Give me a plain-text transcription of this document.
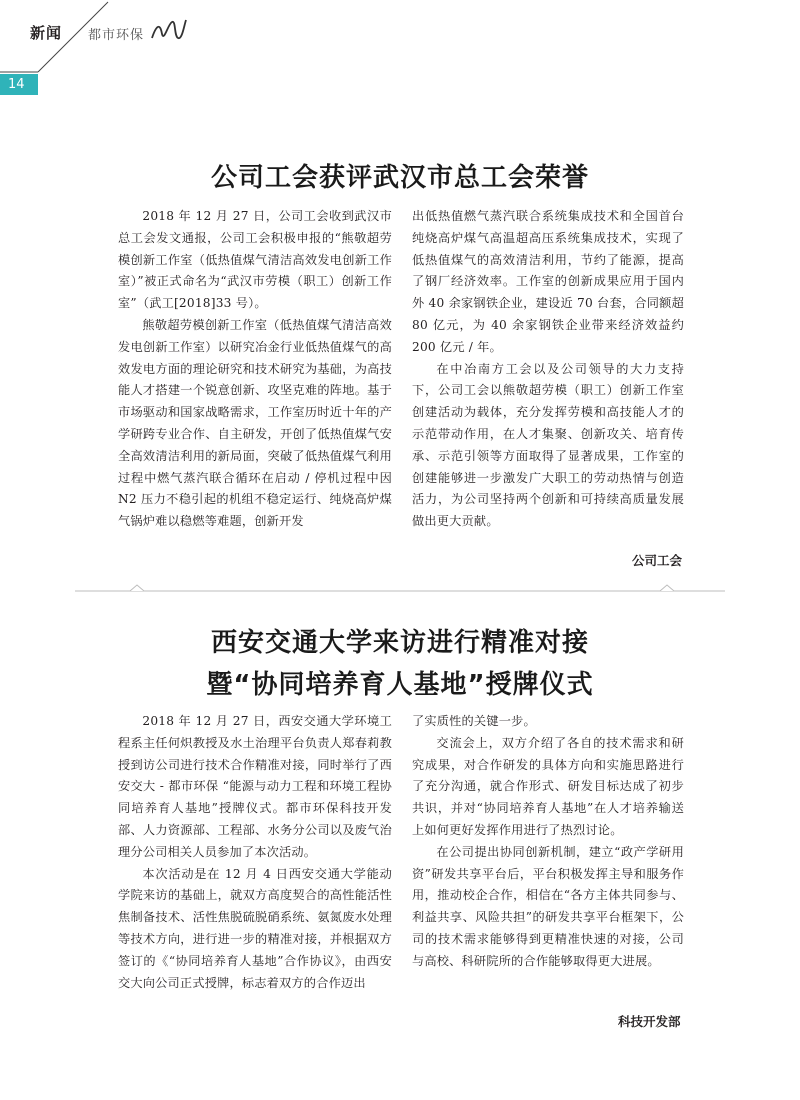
新闻 都市环保
14
公司工会获评武汉市总工会荣誉

2018 年 12 月 27 日，公司工会收到武汉市总工会发文通报，公司工会积极申报的“熊敬超劳模创新工作室（低热值煤气清洁高效发电创新工作室）”被正式命名为“武汉市劳模（职工）创新工作室”（武工[2018]33 号）。

熊敬超劳模创新工作室（低热值煤气清洁高效发电创新工作室）以研究冶金行业低热值煤气的高效发电方面的理论研究和技术研究为基础，为高技能人才搭建一个锐意创新、攻坚克难的阵地。基于市场驱动和国家战略需求，工作室历时近十年的产学研跨专业合作、自主研发，开创了低热值煤气安全高效清洁利用的新局面，突破了低热值煤气利用过程中燃气蒸汽联合循环在启动 / 停机过程中因 N2 压力不稳引起的机组不稳定运行、纯烧高炉煤气锅炉难以稳燃等难题，创新开发

出低热值燃气蒸汽联合系统集成技术和全国首台纯烧高炉煤气高温超高压系统集成技术，实现了低热值煤气的高效清洁利用，节约了能源，提高了钢厂经济效率。工作室的创新成果应用于国内外 40 余家钢铁企业，建设近 70 台套，合同额超 80 亿元，为 40 余家钢铁企业带来经济效益约 200 亿元 / 年。

在中冶南方工会以及公司领导的大力支持下，公司工会以熊敬超劳模（职工）创新工作室创建活动为载体，充分发挥劳模和高技能人才的示范带动作用，在人才集聚、创新攻关、培育传承、示范引领等方面取得了显著成果，工作室的创建能够进一步激发广大职工的劳动热情与创造活力，为公司坚持两个创新和可持续高质量发展做出更大贡献。

公司工会
西安交通大学来访进行精准对接
暨“协同培养育人基地”授牌仪式

2018 年 12 月 27 日，西安交通大学环境工程系主任何炽教授及水土治理平台负责人郑春莉教授到访公司进行技术合作精准对接，同时举行了西安交大 - 都市环保 “能源与动力工程和环境工程协同培养育人基地”授牌仪式。都市环保科技开发部、人力资源部、工程部、水务分公司以及废气治理分公司相关人员参加了本次活动。

本次活动是在 12 月 4 日西安交通大学能动学院来访的基础上，就双方高度契合的高性能活性焦制备技术、活性焦脱硫脱硝系统、氨氮废水处理等技术方向，进行进一步的精准对接，并根据双方签订的《“协同培养育人基地”合作协议》，由西安交大向公司正式授牌，标志着双方的合作迈出

了实质性的关键一步。

交流会上，双方介绍了各自的技术需求和研究成果，对合作研发的具体方向和实施思路进行了充分沟通，就合作形式、研发目标达成了初步共识，并对“协同培养育人基地”在人才培养输送上如何更好发挥作用进行了热烈讨论。

在公司提出协同创新机制，建立“政产学研用资”研发共享平台后，平台积极发挥主导和服务作用，推动校企合作，相信在“各方主体共同参与、利益共享、风险共担”的研发共享平台框架下，公司的技术需求能够得到更精准快速的对接，公司与高校、科研院所的合作能够取得更大进展。

科技开发部
